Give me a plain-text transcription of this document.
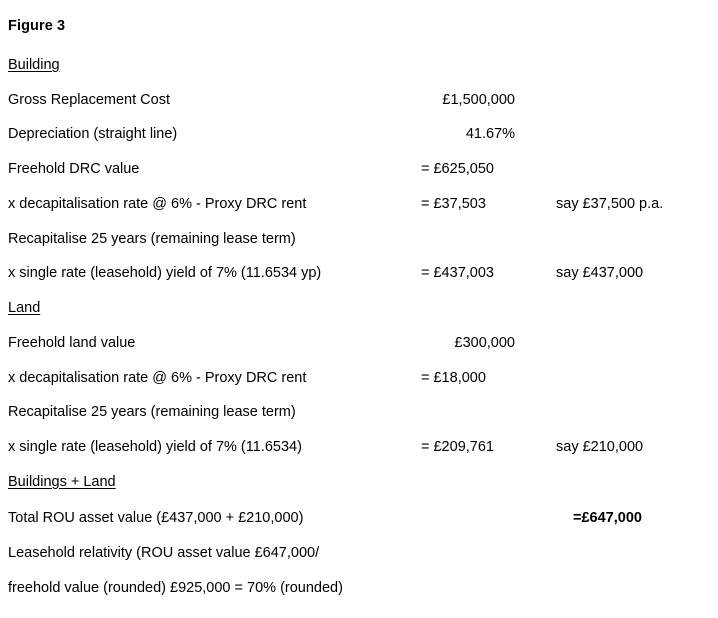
Figure 3
Building
Gross Replacement Cost	£1,500,000
Depreciation (straight line)	41.67%
Freehold DRC value	= £625,050
x decapitalisation rate @ 6% - Proxy DRC rent	= £37,503	say £37,500 p.a.
Recapitalise 25 years (remaining lease term)
x single rate (leasehold) yield of 7% (11.6534 yp)	= £437,003	say £437,000
Land
Freehold land value	£300,000
x decapitalisation rate @ 6% - Proxy DRC rent	= £18,000
Recapitalise 25 years (remaining lease term)
x single rate (leasehold) yield of 7% (11.6534)	= £209,761	say £210,000
Buildings + Land
Total ROU asset value (£437,000 + £210,000)	=£647,000
Leasehold relativity (ROU asset value £647,000/
freehold value (rounded) £925,000 = 70% (rounded)
